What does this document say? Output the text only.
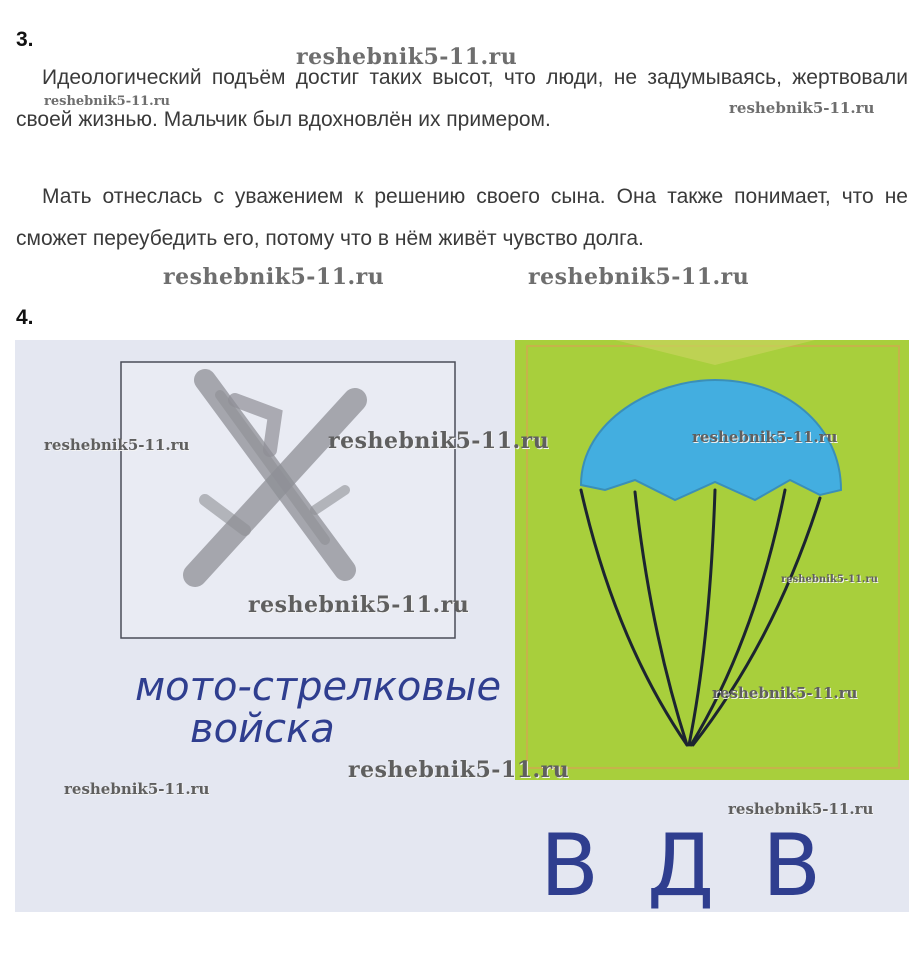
3.
reshebnik5-11.ru
reshebnik5-11.ru	reshebnik5-11.ru

Идеологический подъём достиг таких высот, что люди, не задумываясь, жертвовали своей жизнью. Мальчик был вдохновлён их примером.

Мать отнеслась с уважением к решению своего сына. Она также понимает, что не сможет переубедить его, потому что в нём живёт чувство долга.

reshebnik5-11.ru	reshebnik5-11.ru
4.
мото-стрелковые
войска
ВДВ
reshebnik5-11.ru	reshebnik5-11.ru	reshebnik5-11.ru
reshebnik5-11.ru
reshebnik5-11.ru
reshebnik5-11.ru
reshebnik5-11.ru
reshebnik5-11.ru
reshebnik5-11.ru
